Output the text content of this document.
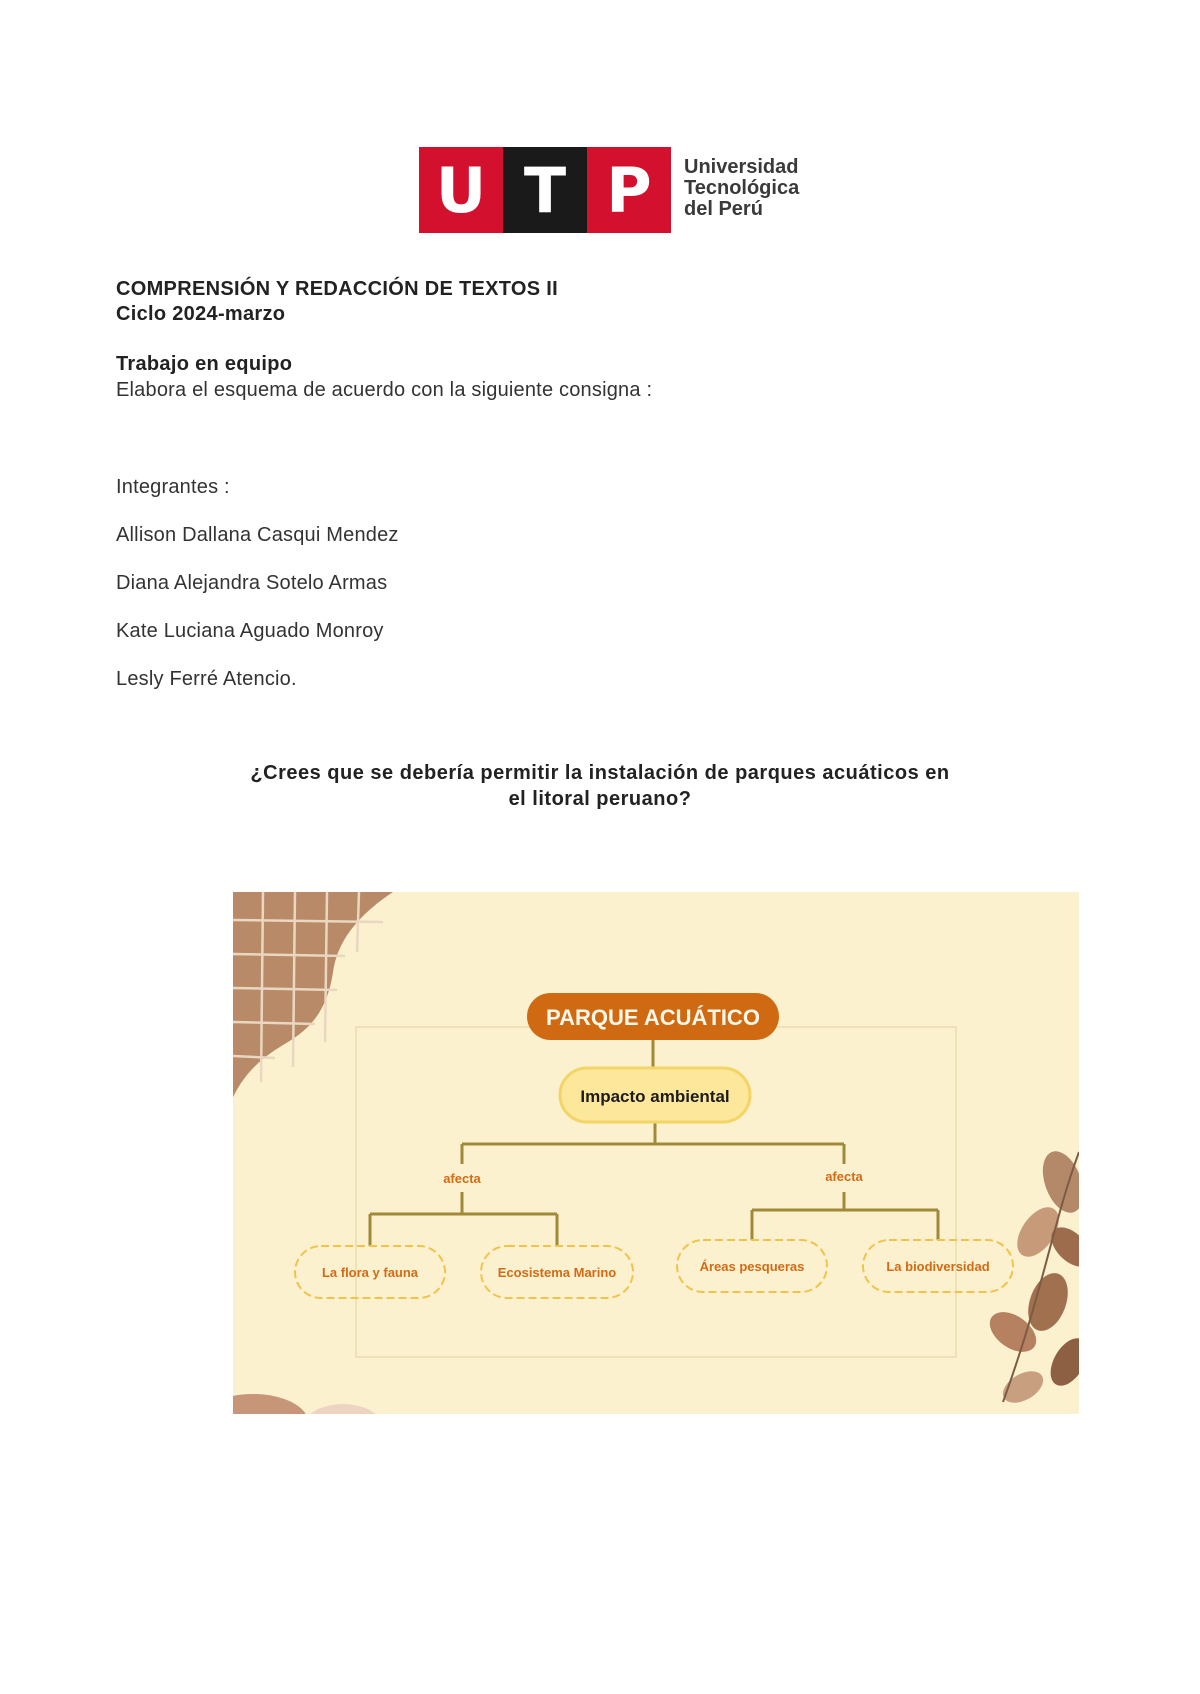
U T P	Universidad
Tecnológica
del Perú
COMPRENSIÓN Y REDACCIÓN DE TEXTOS II
Ciclo 2024-marzo
Trabajo en equipo
Elabora el esquema de acuerdo con la siguiente consigna :
Integrantes :
Allison Dallana Casqui Mendez
Diana Alejandra Sotelo Armas
Kate Luciana Aguado Monroy
Lesly Ferré Atencio.
¿Crees que se debería permitir la instalación de parques acuáticos en
el litoral peruano?
PARQUE ACUÁTICO
Impacto ambiental
afecta	afecta
La flora y fauna	Ecosistema Marino	Áreas pesqueras	La biodiversidad
